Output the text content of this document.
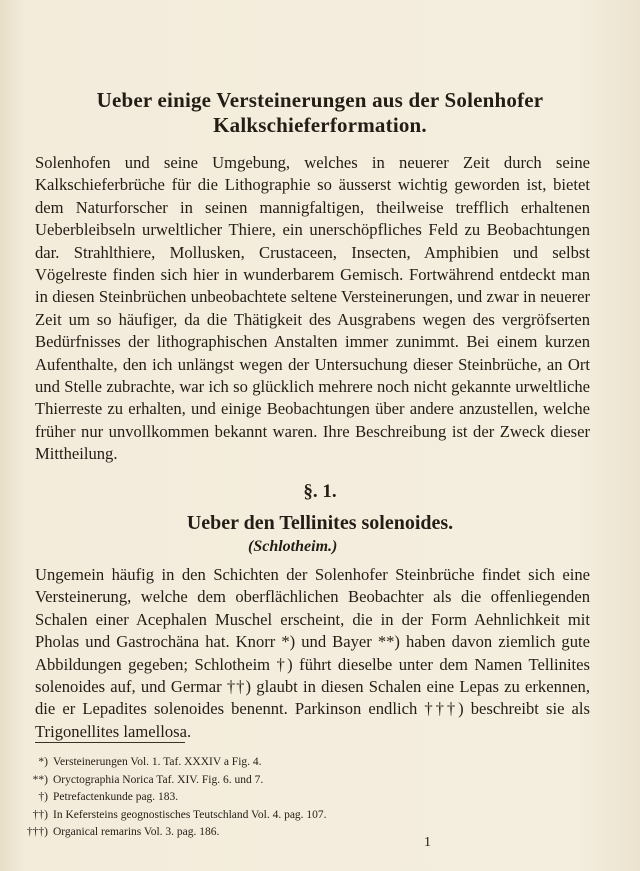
Ueber einige Versteinerungen aus der Solenhofer Kalkschieferformation.
Solenhofen und seine Umgebung, welches in neuerer Zeit durch seine Kalkschieferbrüche für die Lithographie so äusserst wichtig geworden ist, bietet dem Naturforscher in seinen mannigfaltigen, theilweise trefflich erhaltenen Ueberbleibseln urweltlicher Thiere, ein unerschöpfliches Feld zu Beobachtungen dar. Strahlthiere, Mollusken, Crustaceen, Insecten, Amphibien und selbst Vögelreste finden sich hier in wunderbarem Gemisch. Fortwährend entdeckt man in diesen Steinbrüchen unbeobachtete seltene Versteinerungen, und zwar in neuerer Zeit um so häufiger, da die Thätigkeit des Ausgrabens wegen des vergröfserten Bedürfnisses der lithographischen Anstalten immer zunimmt. Bei einem kurzen Aufenthalte, den ich unlängst wegen der Untersuchung dieser Steinbrüche, an Ort und Stelle zubrachte, war ich so glücklich mehrere noch nicht gekannte urweltliche Thierreste zu erhalten, und einige Beobachtungen über andere anzustellen, welche früher nur unvollkommen bekannt waren. Ihre Beschreibung ist der Zweck dieser Mittheilung.
§. 1.
Ueber den Tellinites solenoides.
(Schlotheim.)
Ungemein häufig in den Schichten der Solenhofer Steinbrüche findet sich eine Versteinerung, welche dem oberflächlichen Beobachter als die offenliegenden Schalen einer Acephalen Muschel erscheint, die in der Form Aehnlichkeit mit Pholas und Gastrochäna hat. Knorr *) und Bayer **) haben davon ziemlich gute Abbildungen gegeben; Schlotheim †) führt dieselbe unter dem Namen Tellinites solenoides auf, und Germar ††) glaubt in diesen Schalen eine Lepas zu erkennen, die er Lepadites solenoides benennt. Parkinson endlich †††) beschreibt sie als Trigonellites lamellosa.
*) Versteinerungen Vol. 1. Taf. XXXIV a Fig. 4.
**) Oryctographia Norica Taf. XIV. Fig. 6. und 7.
†) Petrefactenkunde pag. 183.
††) In Kefersteins geognostisches Teutschland Vol. 4. pag. 107.
†††) Organical remarins Vol. 3. pag. 186.
1
